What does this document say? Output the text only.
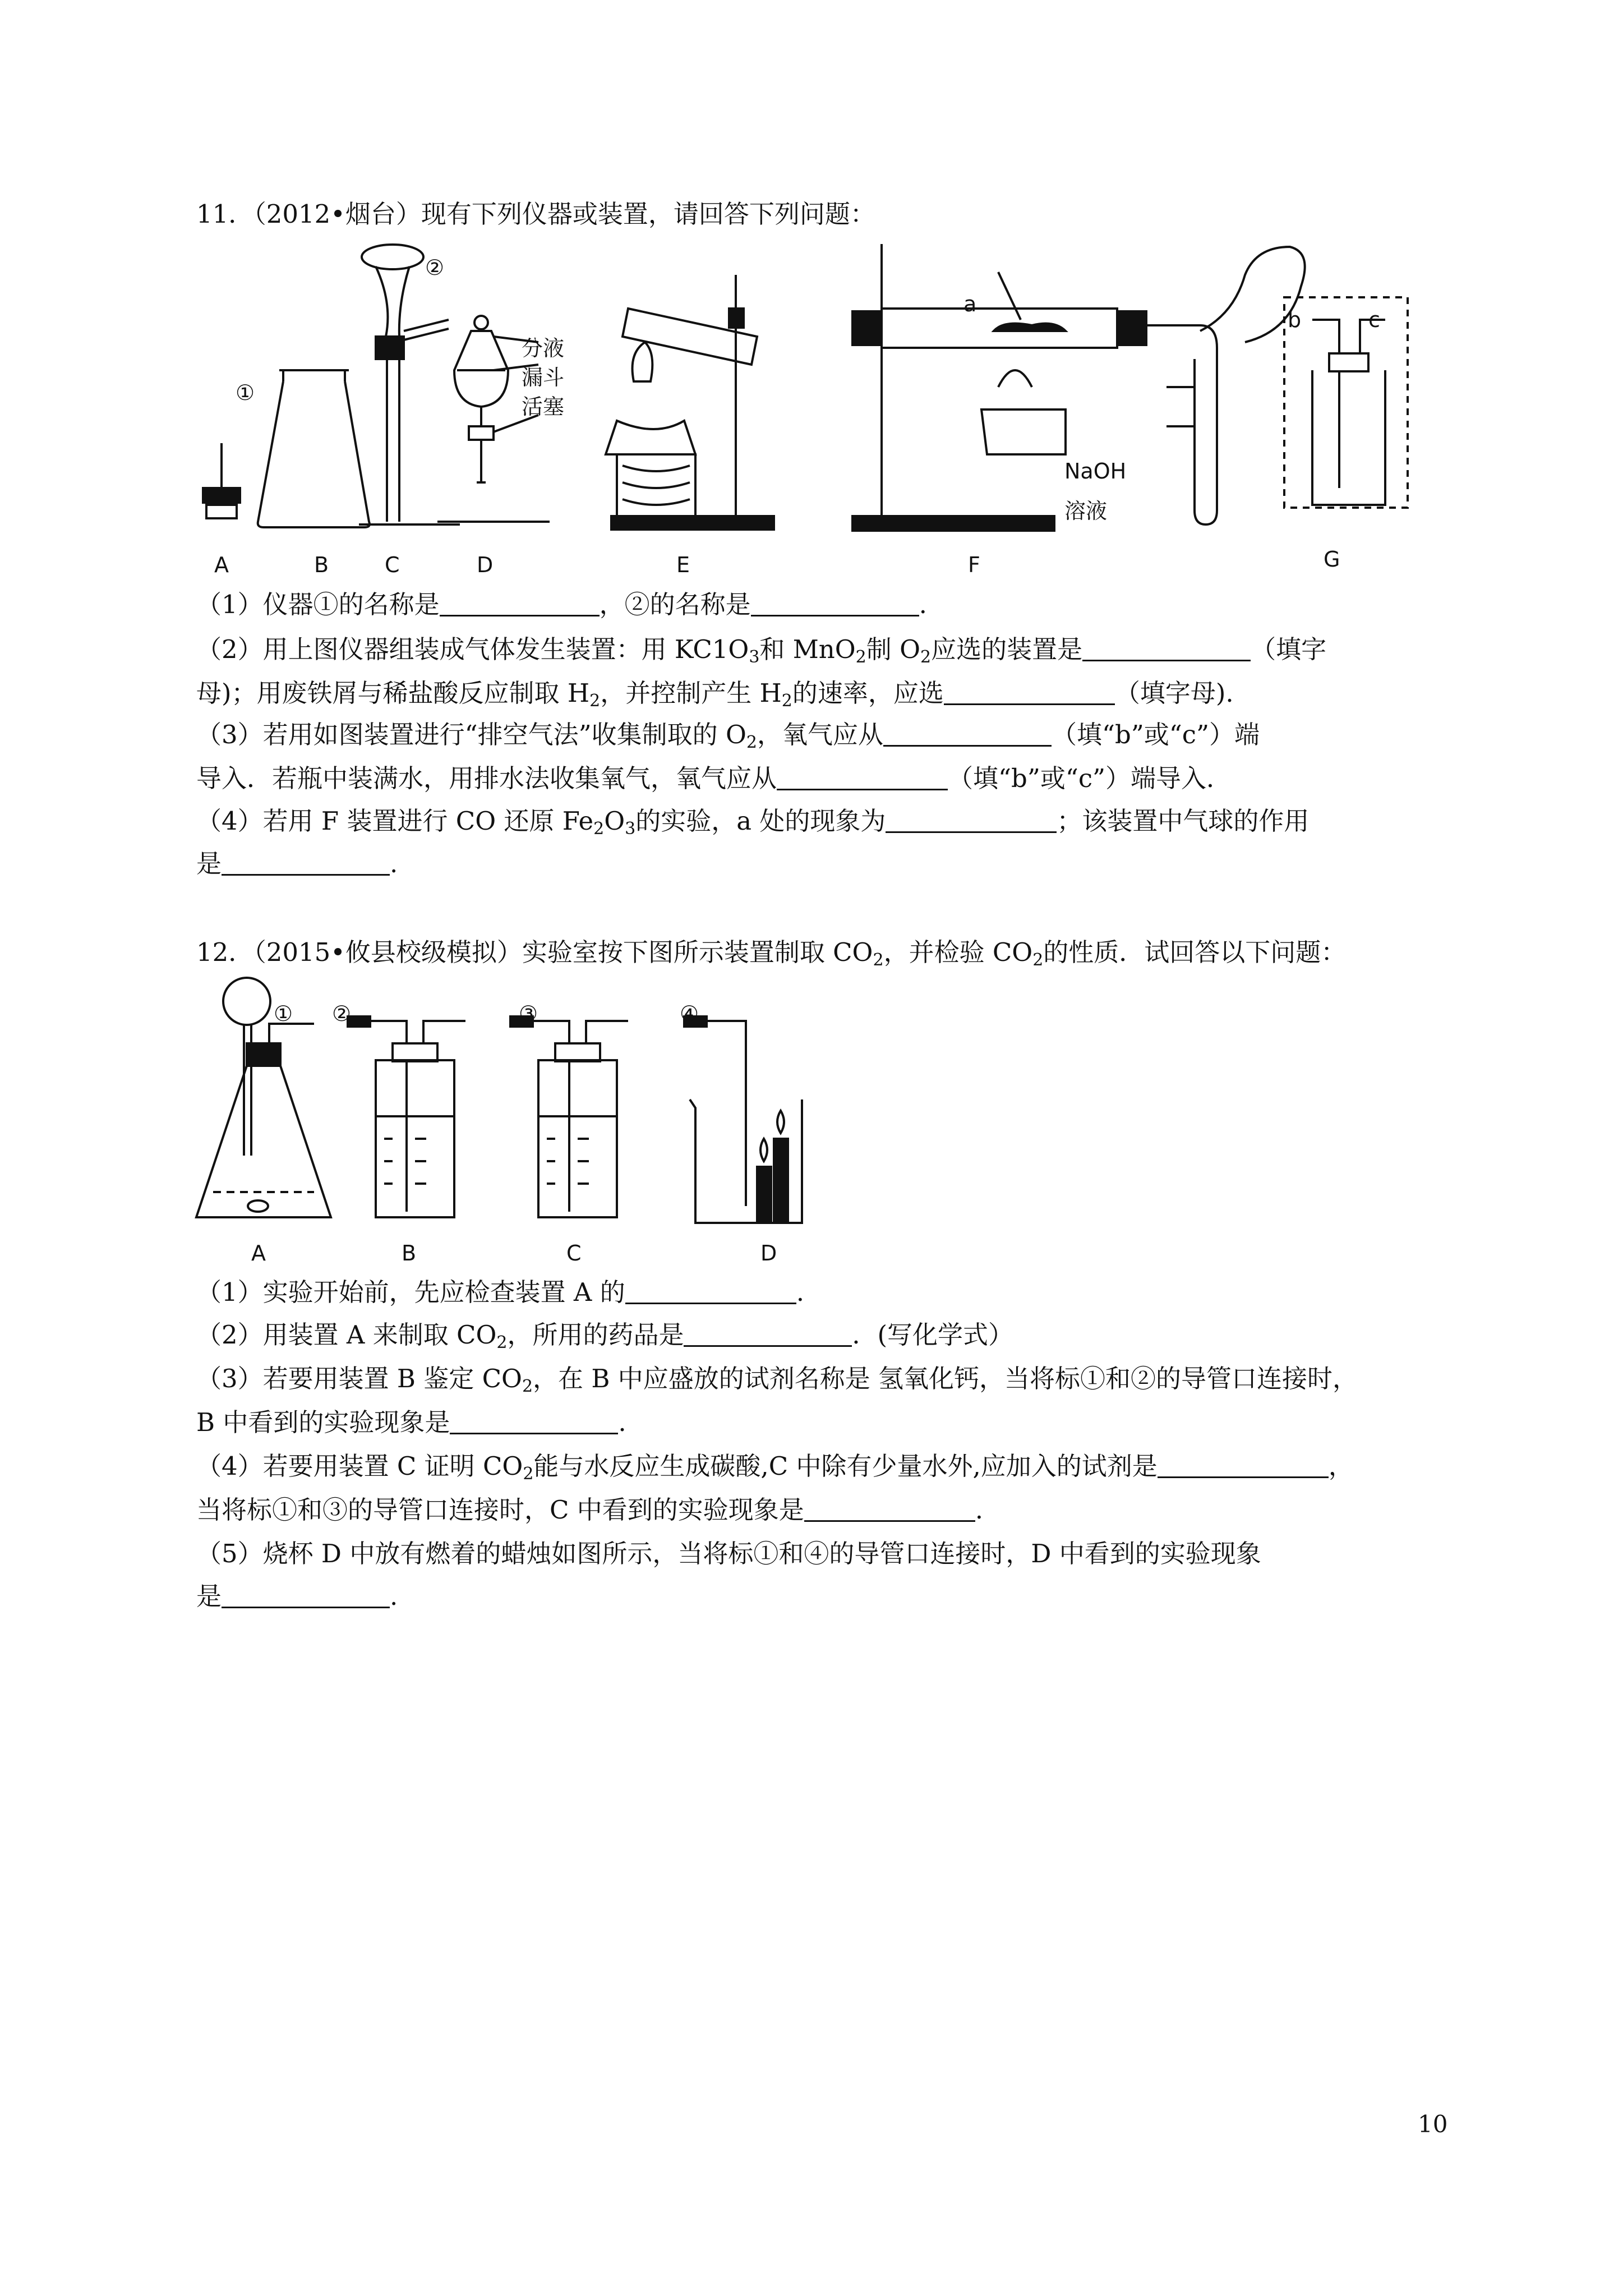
11．（2012•烟台）现有下列仪器或装置，请回答下列问题：
①
②
分液
漏斗
活塞
a
NaOH
溶液
b	c
A	B	C	D	E	F	G
（1）仪器①的名称是	，②的名称是	.
（2）用上图仪器组装成气体发生装置：用 $KC1O_3$和 MnO$_2$制 $O_2$应选的装置是	（填字
母)；用废铁屑与稀盐酸反应制取 $H_2$，并控制产生 $H_2$的速率，应选	（填字母).
（3）若用如图装置进行“排空气法”收集制取的 $O_2$，氧气应从	（填“b”或“c”）端
导入．若瓶中装满水，用排水法收集氧气，氧气应从	（填“b”或“c”）端导入．
（4）若用 F 装置进行 CO 还原 $Fe_2O_3$的实验，a 处的现象为	；该装置中气球的作用
是	.
12．（2015•攸县校级模拟）实验室按下图所示装置制取 $CO_2$，并检验 $CO_2$的性质．试回答以下问题：
① ②	③	④
A	B	C	D
（1）实验开始前，先应检查装置 A 的	.
（2）用装置 A 来制取 $CO_2$，所用的药品是	．(写化学式）
（3）若要用装置 B 鉴定 $CO_2$，在 B 中应盛放的试剂名称是 氢氧化钙，当将标①和②的导管口连接时，
B 中看到的实验现象是	.
（4）若要用装置 C 证明 $CO_2$能与水反应生成碳酸,C 中除有少量水外,应加入的试剂是	，
当将标①和③的导管口连接时，C 中看到的实验现象是	.
（5）烧杯 D 中放有燃着的蜡烛如图所示，当将标①和④的导管口连接时，D 中看到的实验现象
是	.
10
